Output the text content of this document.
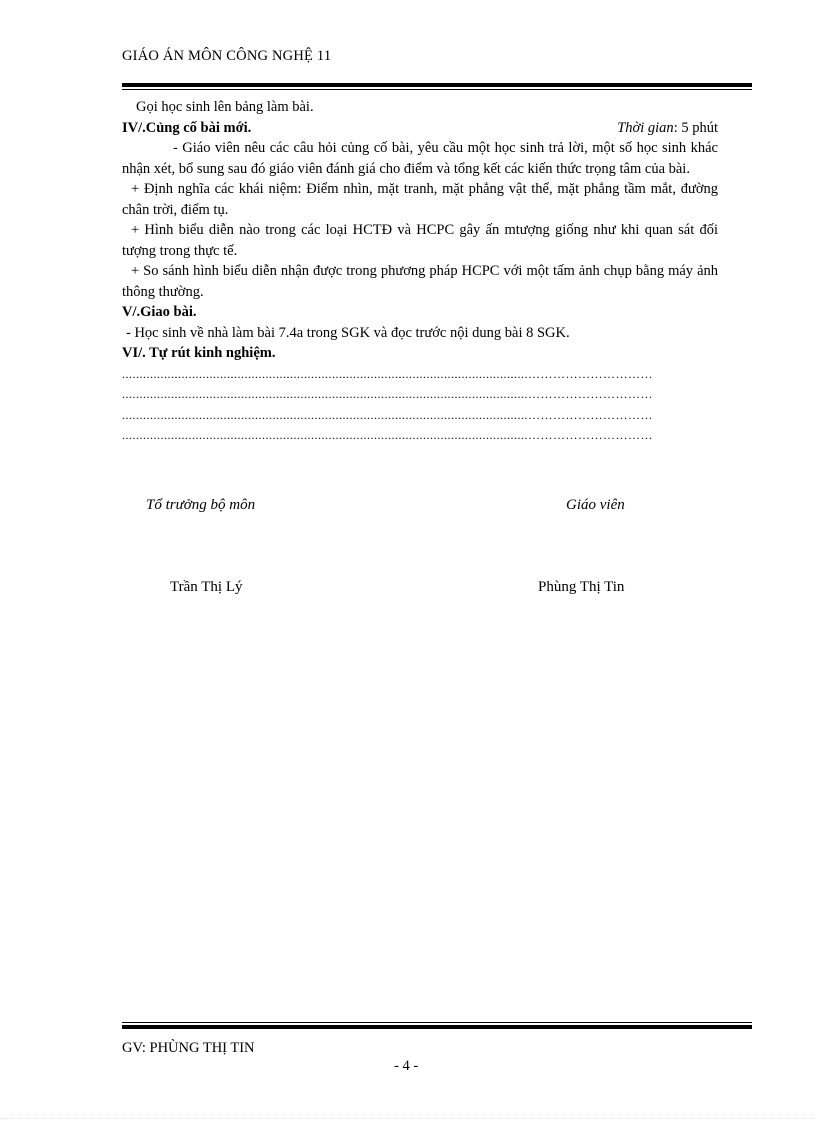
GIÁO ÁN MÔN CÔNG NGHỆ 11

Gọi học sinh lên bảng làm bài.

IV/.Củng cố bài mới.	Thời gian: 5 phút

- Giáo viên nêu các câu hỏi củng cố bài, yêu cầu một học sinh trả lời, một số học sinh khác nhận xét, bổ sung sau đó giáo viên đánh giá cho điểm và tổng kết các kiến thức trọng tâm của bài.

+ Định nghĩa các khái niệm: Điểm nhìn, mặt tranh, mặt phẳng vật thể, mặt phẳng tầm mắt, đường chân trời, điểm tụ.

+ Hình biểu diễn nào trong các loại HCTĐ và HCPC gây ấn mtượng giống như khi quan sát đối tượng trong thực tế.

+ So sánh hình biểu diễn nhận được trong phương pháp HCPC với một tấm ảnh chụp bằng máy ảnh thông thường.

V/.Giao bài.

- Học sinh về nhà làm bài 7.4a trong SGK và đọc trước nội dung bài 8 SGK.

VI/. Tự rút kinh nghiệm.

....................................................................................................................…………………………

....................................................................................................................…………………………

....................................................................................................................…………………………

....................................................................................................................…………………………

Tổ trưởng bộ môn	Giáo viên
Trần Thị Lý	Phùng Thị Tin
GV: PHÙNG THỊ TIN
- 4 -
